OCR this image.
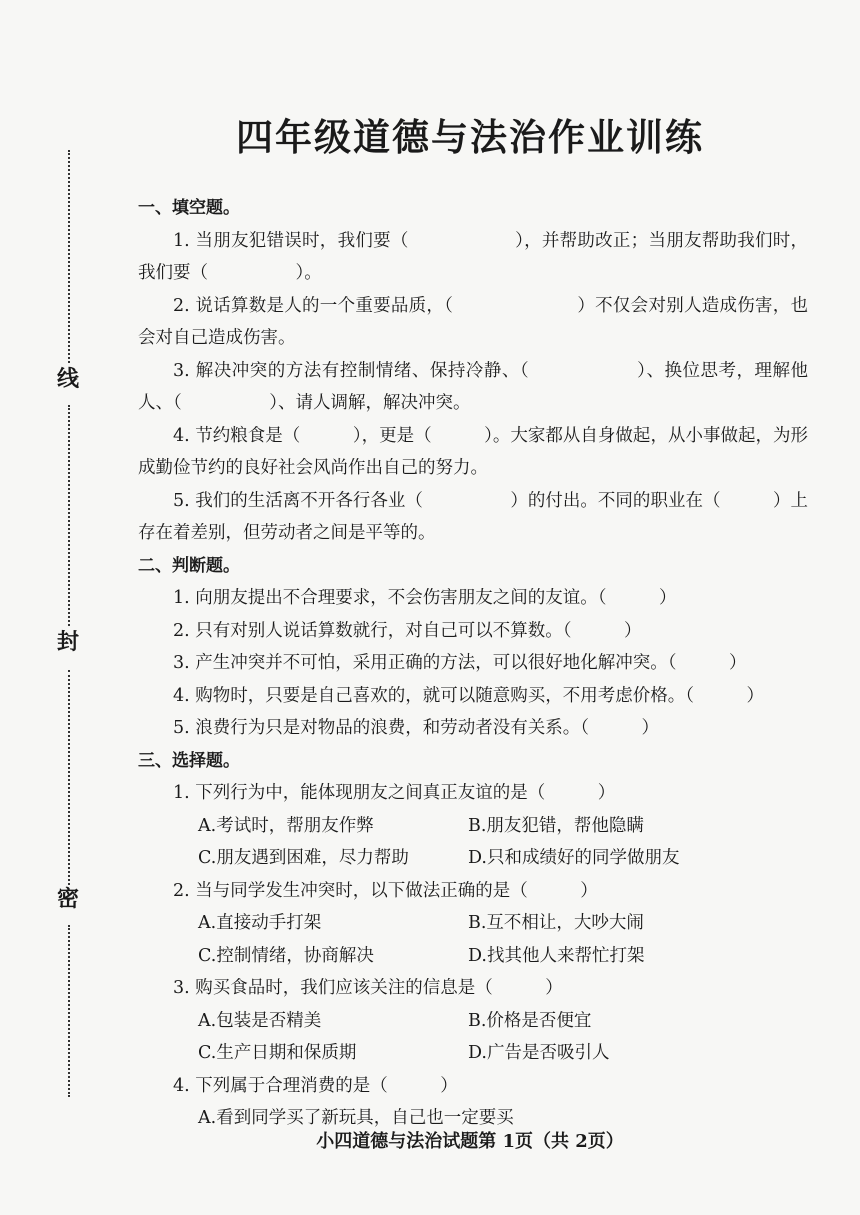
线
封
密
四年级道德与法治作业训练

一、填空题。

1. 当朋友犯错误时，我们要（　　　　　　），并帮助改正；当朋友帮助我们时，我们要（　　　　　）。

2. 说话算数是人的一个重要品质，（　　　　　　　）不仅会对别人造成伤害，也会对自己造成伤害。

3. 解决冲突的方法有控制情绪、保持冷静、（　　　　　　）、换位思考，理解他人、（　　　　　）、请人调解，解决冲突。

4. 节约粮食是（　　　），更是（　　　）。大家都从自身做起，从小事做起，为形成勤俭节约的良好社会风尚作出自己的努力。

5. 我们的生活离不开各行各业（　　　　　）的付出。不同的职业在（　　　）上存在着差别，但劳动者之间是平等的。

二、判断题。

1. 向朋友提出不合理要求，不会伤害朋友之间的友谊。（　　　）

2. 只有对别人说话算数就行，对自己可以不算数。（　　　）

3. 产生冲突并不可怕，采用正确的方法，可以很好地化解冲突。（　　　）

4. 购物时，只要是自己喜欢的，就可以随意购买，不用考虑价格。（　　　）

5. 浪费行为只是对物品的浪费，和劳动者没有关系。（　　　）

三、选择题。

1. 下列行为中，能体现朋友之间真正友谊的是（　　　）

A.考试时，帮朋友作弊	B.朋友犯错，帮他隐瞒

C.朋友遇到困难，尽力帮助	D.只和成绩好的同学做朋友

2. 当与同学发生冲突时，以下做法正确的是（　　　）

A.直接动手打架	B.互不相让，大吵大闹

C.控制情绪，协商解决	D.找其他人来帮忙打架

3. 购买食品时，我们应该关注的信息是（　　　）

A.包装是否精美	B.价格是否便宜

C.生产日期和保质期	D.广告是否吸引人

4. 下列属于合理消费的是（　　　）

A.看到同学买了新玩具，自己也一定要买

小四道德与法治试题第 1页（共 2页）
